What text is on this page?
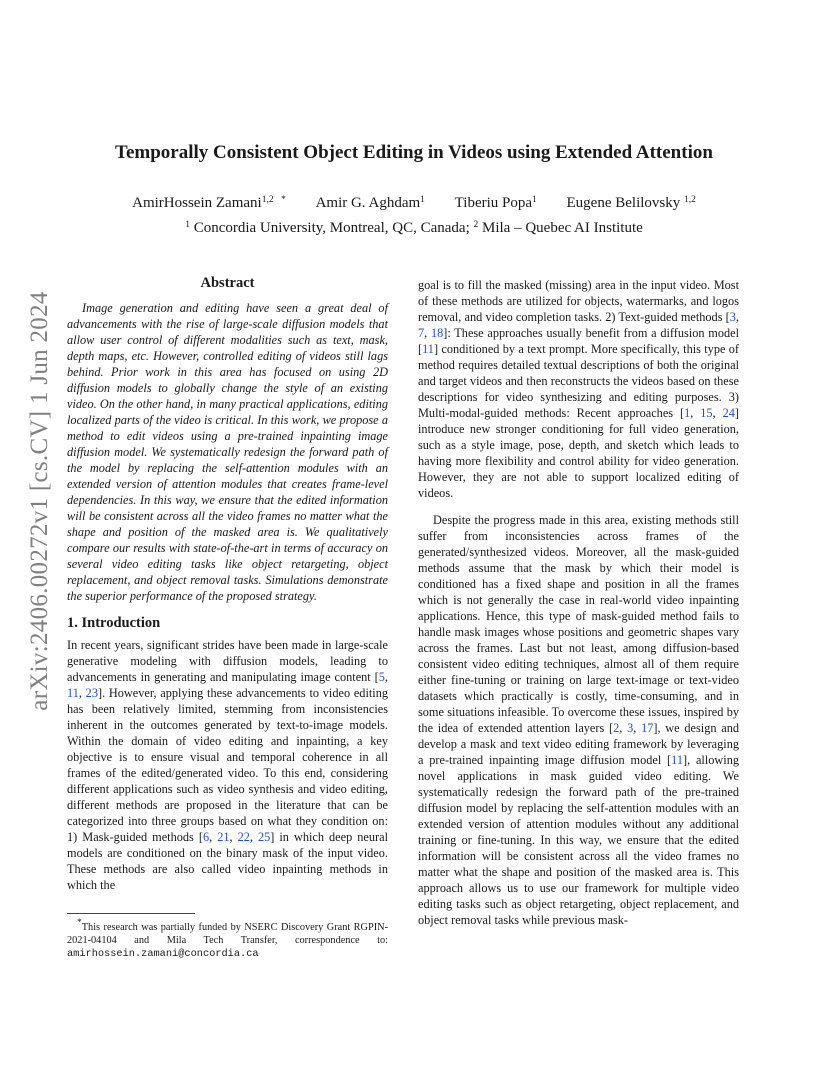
arXiv:2406.00272v1 [cs.CV] 1 Jun 2024
Temporally Consistent Object Editing in Videos using Extended Attention
AmirHossein Zamani$^{1,2}$ * Amir G. Aghdam$^1$ Tiberiu Popa$^1$ Eugene Belilovsky $^{1,2}$
$^1$ Concordia University, Montreal, QC, Canada; $^2$ Mila – Quebec AI Institute
Abstract

Image generation and editing have seen a great deal of advancements with the rise of large-scale diffusion models that allow user control of different modalities such as text, mask, depth maps, etc. However, controlled editing of videos still lags behind. Prior work in this area has focused on using 2D diffusion models to globally change the style of an existing video. On the other hand, in many practical applications, editing localized parts of the video is critical. In this work, we propose a method to edit videos using a pre-trained inpainting image diffusion model. We systematically redesign the forward path of the model by replacing the self-attention modules with an extended version of attention modules that creates frame-level dependencies. In this way, we ensure that the edited information will be consistent across all the video frames no matter what the shape and position of the masked area is. We qualitatively compare our results with state-of-the-art in terms of accuracy on several video editing tasks like object retargeting, object replacement, and object removal tasks. Simulations demonstrate the superior performance of the proposed strategy.

1. Introduction

In recent years, significant strides have been made in large-scale generative modeling with diffusion models, leading to advancements in generating and manipulating image content [5, 11, 23]. However, applying these advancements to video editing has been relatively limited, stemming from inconsistencies inherent in the outcomes generated by text-to-image models. Within the domain of video editing and inpainting, a key objective is to ensure visual and temporal coherence in all frames of the edited/generated video. To this end, considering different applications such as video synthesis and video editing, different methods are proposed in the literature that can be categorized into three groups based on what they condition on: 1) Mask-guided methods [6, 21, 22, 25] in which deep neural models are conditioned on the binary mask of the input video. These methods are also called video inpainting methods in which the

goal is to fill the masked (missing) area in the input video. Most of these methods are utilized for objects, watermarks, and logos removal, and video completion tasks. 2) Text-guided methods [3, 7, 18]: These approaches usually benefit from a diffusion model [11] conditioned by a text prompt. More specifically, this type of method requires detailed textual descriptions of both the original and target videos and then reconstructs the videos based on these descriptions for video synthesizing and editing purposes. 3) Multi-modal-guided methods: Recent approaches [1, 15, 24] introduce new stronger conditioning for full video generation, such as a style image, pose, depth, and sketch which leads to having more flexibility and control ability for video generation. However, they are not able to support localized editing of videos.

Despite the progress made in this area, existing methods still suffer from inconsistencies across frames of the generated/synthesized videos. Moreover, all the mask-guided methods assume that the mask by which their model is conditioned has a fixed shape and position in all the frames which is not generally the case in real-world video inpainting applications. Hence, this type of mask-guided method fails to handle mask images whose positions and geometric shapes vary across the frames. Last but not least, among diffusion-based consistent video editing techniques, almost all of them require either fine-tuning or training on large text-image or text-video datasets which practically is costly, time-consuming, and in some situations infeasible. To overcome these issues, inspired by the idea of extended attention layers [2, 3, 17], we design and develop a mask and text video editing framework by leveraging a pre-trained inpainting image diffusion model [11], allowing novel applications in mask guided video editing. We systematically redesign the forward path of the pre-trained diffusion model by replacing the self-attention modules with an extended version of attention modules without any additional training or fine-tuning. In this way, we ensure that the edited information will be consistent across all the video frames no matter what the shape and position of the masked area is. This approach allows us to use our framework for multiple video editing tasks such as object retargeting, object replacement, and object removal tasks while previous mask-

*This research was partially funded by NSERC Discovery Grant RGPIN-2021-04104 and Mila Tech Transfer, correspondence to: amirhossein.zamani@concordia.ca
